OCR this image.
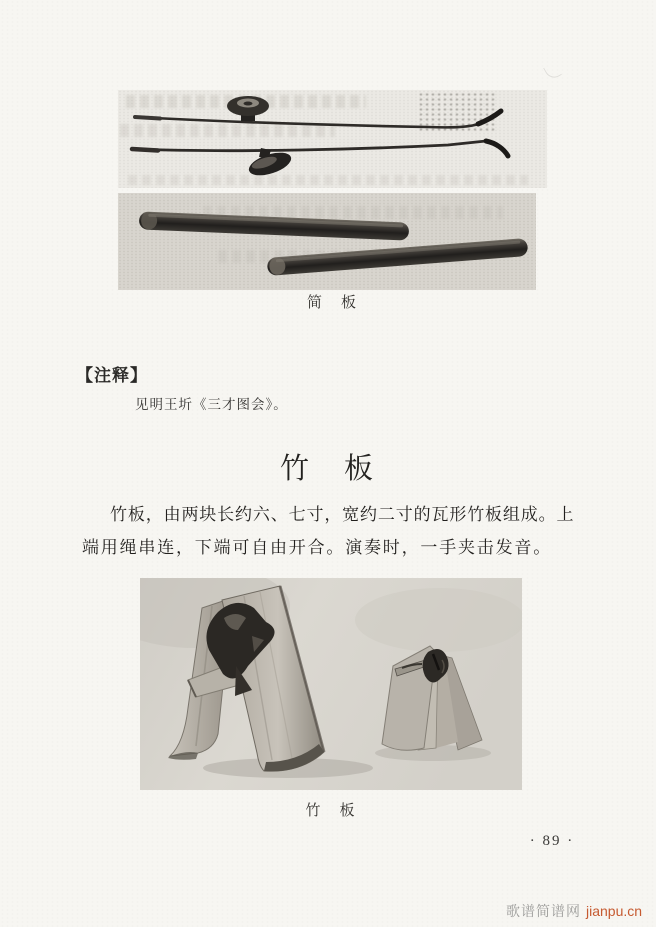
简　板
【注释】
见明王圻《三才图会》。
竹　板
竹板，由两块长约六、七寸，宽约二寸的瓦形竹板组成。上
端用绳串连，下端可自由开合。演奏时，一手夹击发音。
竹　板
· 89 ·
歌谱简谱网 jianpu.cn
